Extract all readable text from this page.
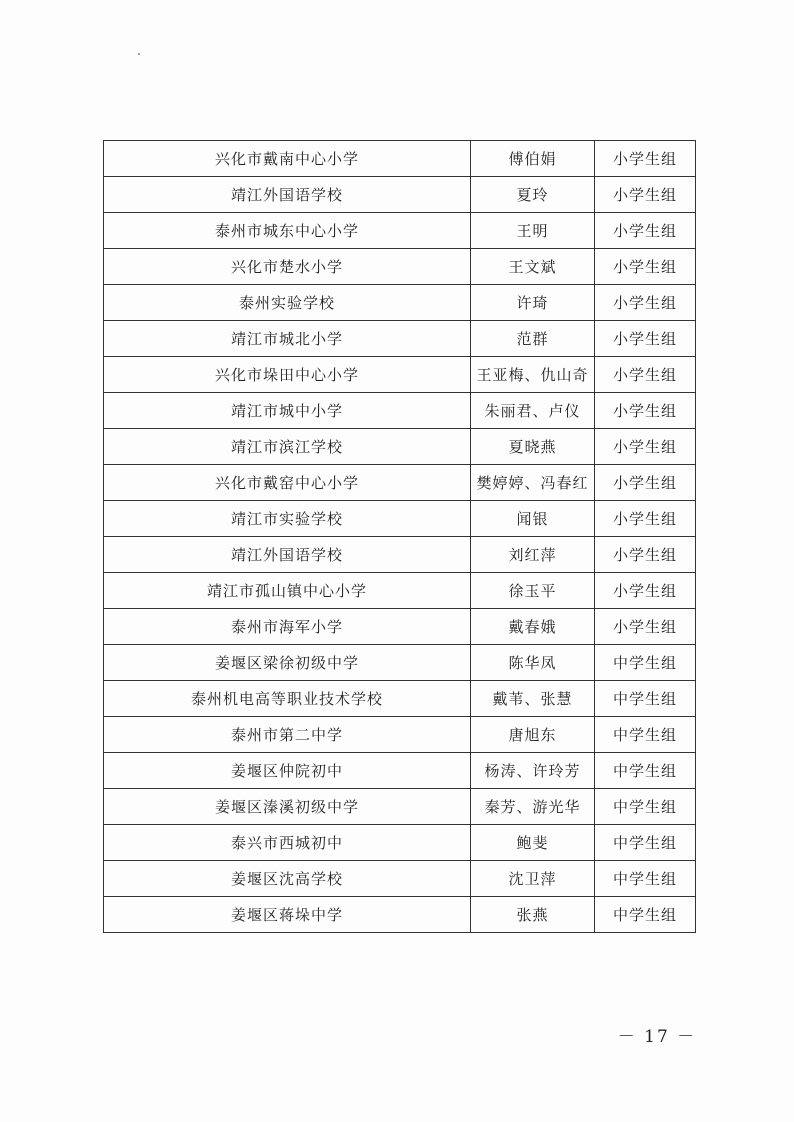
兴化市戴南中心小学	傅伯娟	小学生组
靖江外国语学校	夏玲	小学生组
泰州市城东中心小学	王明	小学生组
兴化市楚水小学	王文斌	小学生组
泰州实验学校	许琦	小学生组
靖江市城北小学	范群	小学生组
兴化市垛田中心小学	王亚梅、仇山奇	小学生组
靖江市城中小学	朱丽君、卢仪	小学生组
靖江市滨江学校	夏晓燕	小学生组
兴化市戴窑中心小学	樊婷婷、冯春红	小学生组
靖江市实验学校	闻银	小学生组
靖江外国语学校	刘红萍	小学生组
靖江市孤山镇中心小学	徐玉平	小学生组
泰州市海军小学	戴春娥	小学生组
姜堰区梁徐初级中学	陈华凤	中学生组
泰州机电高等职业技术学校	戴苇、张慧	中学生组
泰州市第二中学	唐旭东	中学生组
姜堰区仲院初中	杨涛、许玲芳	中学生组
姜堰区溱溪初级中学	秦芳、游光华	中学生组
泰兴市西城初中	鲍斐	中学生组
姜堰区沈高学校	沈卫萍	中学生组
姜堰区蒋垛中学	张燕	中学生组
－ 17 －
